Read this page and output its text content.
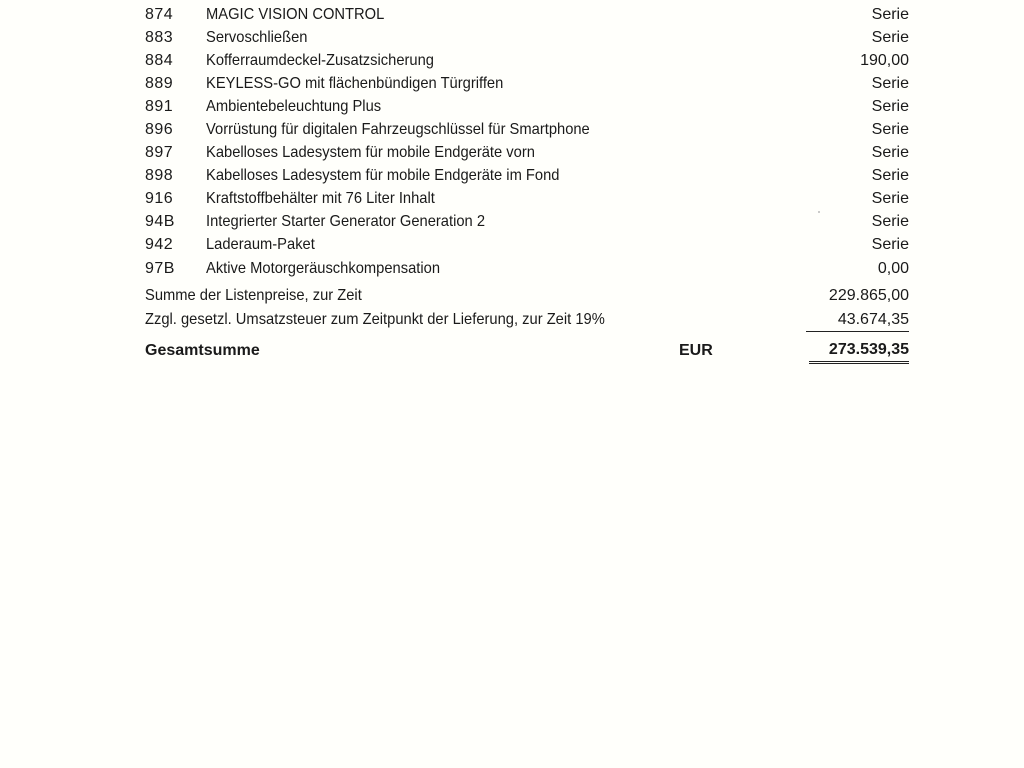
874	MAGIC VISION CONTROL	Serie
883	Servoschließen	Serie
884	Kofferraumdeckel-Zusatzsicherung	190,00
889	KEYLESS-GO mit flächenbündigen Türgriffen	Serie
891	Ambientebeleuchtung Plus	Serie
896	Vorrüstung für digitalen Fahrzeugschlüssel für Smartphone	Serie
897	Kabelloses Ladesystem für mobile Endgeräte vorn	Serie
898	Kabelloses Ladesystem für mobile Endgeräte im Fond	Serie
916	Kraftstoffbehälter mit 76 Liter Inhalt	Serie
94B	Integrierter Starter Generator Generation 2	Serie
942	Laderaum-Paket	Serie
97B	Aktive Motorgeräuschkompensation	0,00
Summe der Listenpreise, zur Zeit	229.865,00
Zzgl. gesetzl. Umsatzsteuer zum Zeitpunkt der Lieferung, zur Zeit 19%	43.674,35
Gesamtsumme	EUR	273.539,35
